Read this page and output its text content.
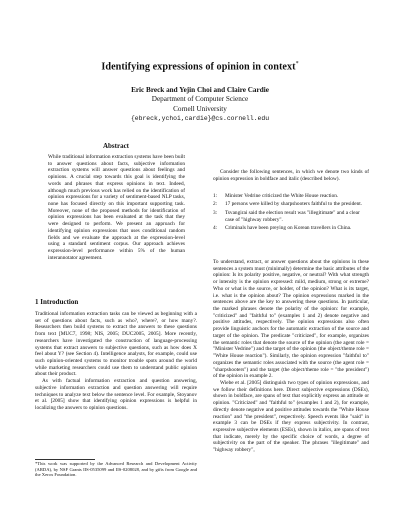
Identifying expressions of opinion in context*
Eric Breck and Yejin Choi and Claire Cardie
Department of Computer Science
Cornell University
{ebreck,ychoi,cardie}@cs.cornell.edu
Abstract
While traditional information extraction systems have been built to answer questions about facts, subjective information extraction systems will answer questions about feelings and opinions. A crucial step towards this goal is identifying the words and phrases that express opinions in text. Indeed, although much previous work has relied on the identification of opinion expressions for a variety of sentiment-based NLP tasks, none has focused directly on this important supporting task. Moreover, none of the proposed methods for identification of opinion expressions has been evaluated at the task that they were designed to perform. We present an approach for identifying opinion expressions that uses conditional random fields and we evaluate the approach at the expression-level using a standard sentiment corpus. Our approach achieves expression-level performance within 5% of the human interannotator agreement.
1 Introduction

Traditional information extraction tasks can be viewed as beginning with a set of questions about facts, such as who?, where?, or how many?. Researchers then build systems to extract the answers to these questions from text [MUC7, 1998; NIS, 2005; DUC2005, 2005]. More recently, researchers have investigated the construction of language-processing systems that extract answers to subjective questions, such as how does X feel about Y? (see Section 4). Intelligence analysts, for example, could use such opinion-oriented systems to monitor trouble spots around the world while marketing researchers could use them to understand public opinion about their product.

As with factual information extraction and question answering, subjective information extraction and question answering will require techniques to analyze text below the sentence level. For example, Stoyanov et al. [2005] show that identifying opinion expressions is helpful in localizing the answers to opinion questions.

*This work was supported by the Advanced Research and Development Activity (ARDA), by NSF Grants IIS-0535099 and IIS-0208028, and by gifts from Google and the Xerox Foundation.

Consider the following sentences, in which we denote two kinds of opinion expression in boldface and italic (described below).

1:	Minister Vedrine criticized the White House reaction.
2:	17 persons were killed by sharpshooters faithful to the president.
3:	Tsvangirai said the election result was "illegitimate" and a clear case of "highway robbery".
4:	Criminals have been preying on Korean travellers in China.

To understand, extract, or answer questions about the opinions in these sentences a system must (minimally) determine the basic attributes of the opinion: Is its polarity positive, negative, or neutral? With what strength or intensity is the opinion expressed: mild, medium, strong or extreme? Who or what is the source, or holder, of the opinion? What is its target, i.e. what is the opinion about? The opinion expressions marked in the sentences above are the key to answering these questions. In particular, the marked phrases denote the polarity of the opinion: for example, "criticized" and "faithful to" (examples 1 and 2) denote negative and positive attitudes, respectively. The opinion expressions also often provide linguistic anchors for the automatic extraction of the source and target of the opinion. The predicate "criticized", for example, organizes the semantic roles that denote the source of the opinion (the agent role = "Minister Vedrine") and the target of the opinion (the object/theme role = "White House reaction"). Similarly, the opinion expression "faithful to" organizes the semantic roles associated with the source (the agent role = "sharpshooters") and the target (the object/theme role = "the president") of the opinion in example 2.

Wiebe et al. [2005] distinguish two types of opinion expressions, and we follow their definitions here. Direct subjective expressions (DSEs), shown in boldface, are spans of text that explicitly express an attitude or opinion. "Criticized" and "faithful to" (examples 1 and 2), for example, directly denote negative and positive attitudes towards the "White House reaction" and "the president", respectively. Speech events like "said" in example 3 can be DSEs if they express subjectivity. In contrast, expressive subjective elements (ESEs), shown in italics, are spans of text that indicate, merely by the specific choice of words, a degree of subjectivity on the part of the speaker. The phrases "illegitimate" and "highway robbery",
